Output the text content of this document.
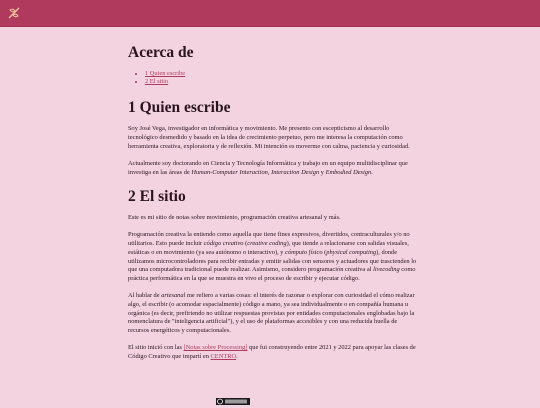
Acerca de
• 1 Quien escribe
• 2 El sitio
1 Quien escribe

Soy José Vega, investigador en informática y movimiento. Me presento con escepticismo al desarrollo tecnológico desmedido y basado en la idea de crecimiento perpetuo, pero me interesa la computación como herramienta creativa, exploratoria y de reflexión. Mi intención es moverme con calma, paciencia y curiosidad.

Actualmente soy doctorando en Ciencia y Tecnología Informática y trabajo en un equipo multidisciplinar que investiga en las áreas de Human-Computer Interaction, Interaction Design y Embodied Design.

2 El sitio

Este es mi sitio de notas sobre movimiento, programación creativa artesanal y más.

Programación creativa la entiendo como aquella que tiene fines expresivos, divertidos, contraculturales y/o no utilitarios. Esto puede incluir código creativo (creative coding), que tiende a relacionarse con salidas visuales, estáticas o en movimiento (ya sea autónomo o interactivo), y cómputo físico (physical computing), donde utilizamos microcontroladores para recibir entradas y emitir salidas con sensores y actuadores que trascienden lo que una computadora tradicional puede realizar. Asimismo, considero programación creativa al livecoding como práctica performática en la que se muestra en vivo el proceso de escribir y ejecutar código.

Al hablar de artesanal me refiero a varias cosas: el interés de razonar o explorar con curiosidad el cómo realizar algo, el escribir (o acomodar espacialmente) código a mano, ya sea individualmente o en compañía humana u orgánica (es decir, prefiriendo no utilizar respuestas provistas por entidades computacionales englobadas bajo la nomenclatura de "inteligencia artificial"), y el uso de plataformas accesibles y con una reducida huella de recursos energéticos y computacionales.

El sitio inició con las [Notas sobre Processing] que fui construyendo entre 2021 y 2022 para apoyar las clases de Código Creativo que impartí en CENTRO.
